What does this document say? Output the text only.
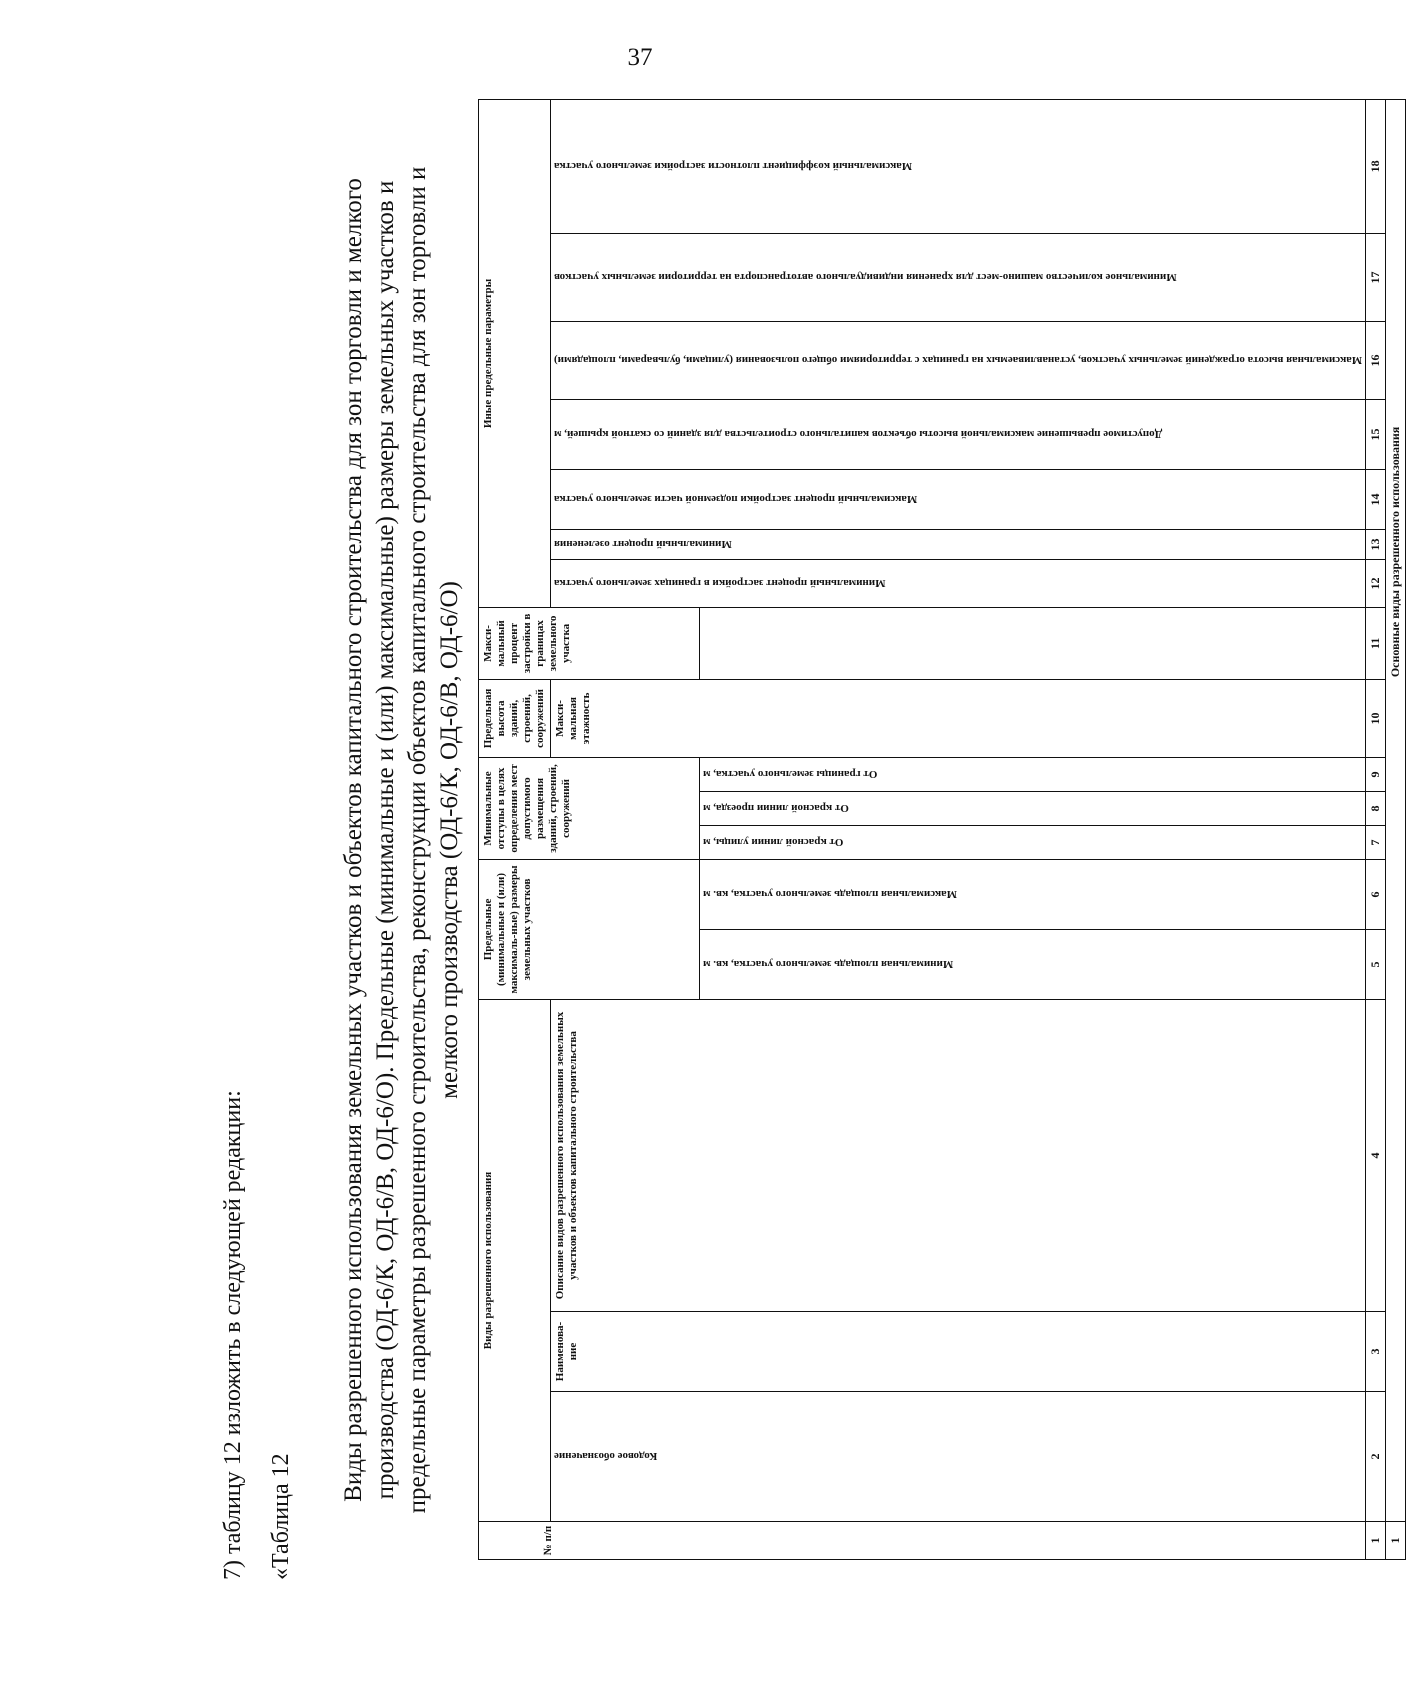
37
7) таблицу 12 изложить в следующей редакции: «Таблица 12
Виды разрешенного использования земельных участков и объектов капитального строительства для зон торговли и мелкого производства (ОД-6/К, ОД-6/В, ОД-6/О). Предельные (минимальные и (или) максимальные) размеры земельных участков и предельные параметры разрешенного строительства, реконструкции объектов капитального строительства для зон торговли и мелкого производства (ОД-6/К, ОД-6/В, ОД-6/О)
№ п/п	Виды разрешенного использования			Предельные (минимальные и (или) максималь-ные) размеры земельных участков		Минимальные отступы в целях определения мест допустимого размещения зданий, строений, сооружений			Предельная высота зданий, строений, сооружений	Макси-мальный процент застройки в границах земельного участка	Иные предельные параметры						

	Кодовое обозначение	Наименова-ние	Описание видов разрешенного использования земельных участков и объектов капитального строительства						Макси-мальная этажность		Минимальный процент застройки в границах земельного участка	Минимальный процент озеленения	Максимальный процент застройки подземной части земельного участка	Допустимое превышение максимальной высоты объектов капитального строительства для зданий со скатной крышей, м	Максимальная высота ограждений земельных участков, устанавливаемых на границах с территориями общего пользования (улицами, бульварами, площадями)	Минимальное количество машино-мест для хранения индивидуального автотранспорта на территории земельных участков	Максимальный коэффициент плотности застройки земельного участка

				Минимальная площадь земельного участка, кв. м	Максимальная площадь земельного участка, кв. м	От красной линии улицы, м	От красной линии проезда, м	От границы земельного участка, м									

1	2	3	4	5	6	7	8	9	10	11	12	13	14	15	16	17	18
1	Основные виды разрешенного использования																
